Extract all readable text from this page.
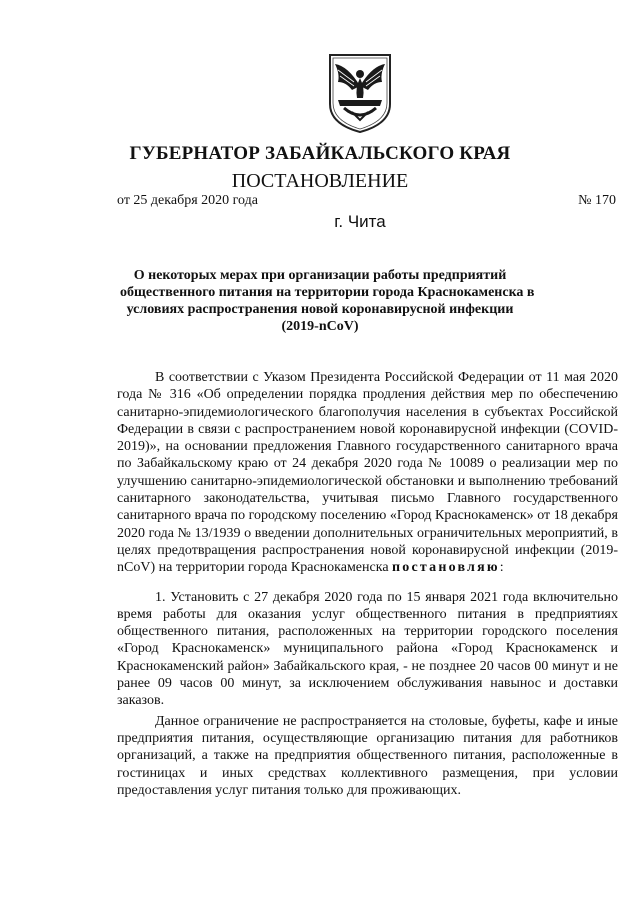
ГУБЕРНАТОР ЗАБАЙКАЛЬСКОГО КРАЯ
ПОСТАНОВЛЕНИЕ
от 25 декабря 2020 года	№ 170
г. Чита
О некоторых мерах при организации работы предприятий
общественного питания на территории города Краснокаменска в
условиях распространения новой коронавирусной инфекции
(2019-nCoV)

В соответствии с Указом Президента Российской Федерации от 11 мая 2020 года № 316 «Об определении порядка продления действия мер по обеспечению санитарно-эпидемиологического благополучия населения в субъектах Российской Федерации в связи с распространением новой коронавирусной инфекции (COVID-2019)», на основании предложения Главного государственного санитарного врача по Забайкальскому краю от 24 декабря 2020 года № 10089 о реализации мер по улучшению санитарно-эпидемиологической обстановки и выполнению требований санитарного законодательства, учитывая письмо Главного государственного санитарного врача по городскому поселению «Город Краснокаменск» от 18 декабря 2020 года № 13/1939 о введении дополнительных ограничительных мероприятий, в целях предотвращения распространения новой коронавирусной инфекции (2019-nCoV) на территории города Краснокаменска постановляю:

1. Установить с 27 декабря 2020 года по 15 января 2021 года включительно время работы для оказания услуг общественного питания в предприятиях общественного питания, расположенных на территории городского поселения «Город Краснокаменск» муниципального района «Город Краснокаменск и Краснокаменский район» Забайкальского края, - не позднее 20 часов 00 минут и не ранее 09 часов 00 минут, за исключением обслуживания навынос и доставки заказов.

Данное ограничение не распространяется на столовые, буфеты, кафе и иные предприятия питания, осуществляющие организацию питания для работников организаций, а также на предприятия общественного питания, расположенные в гостиницах и иных средствах коллективного размещения, при условии предоставления услуг питания только для проживающих.
